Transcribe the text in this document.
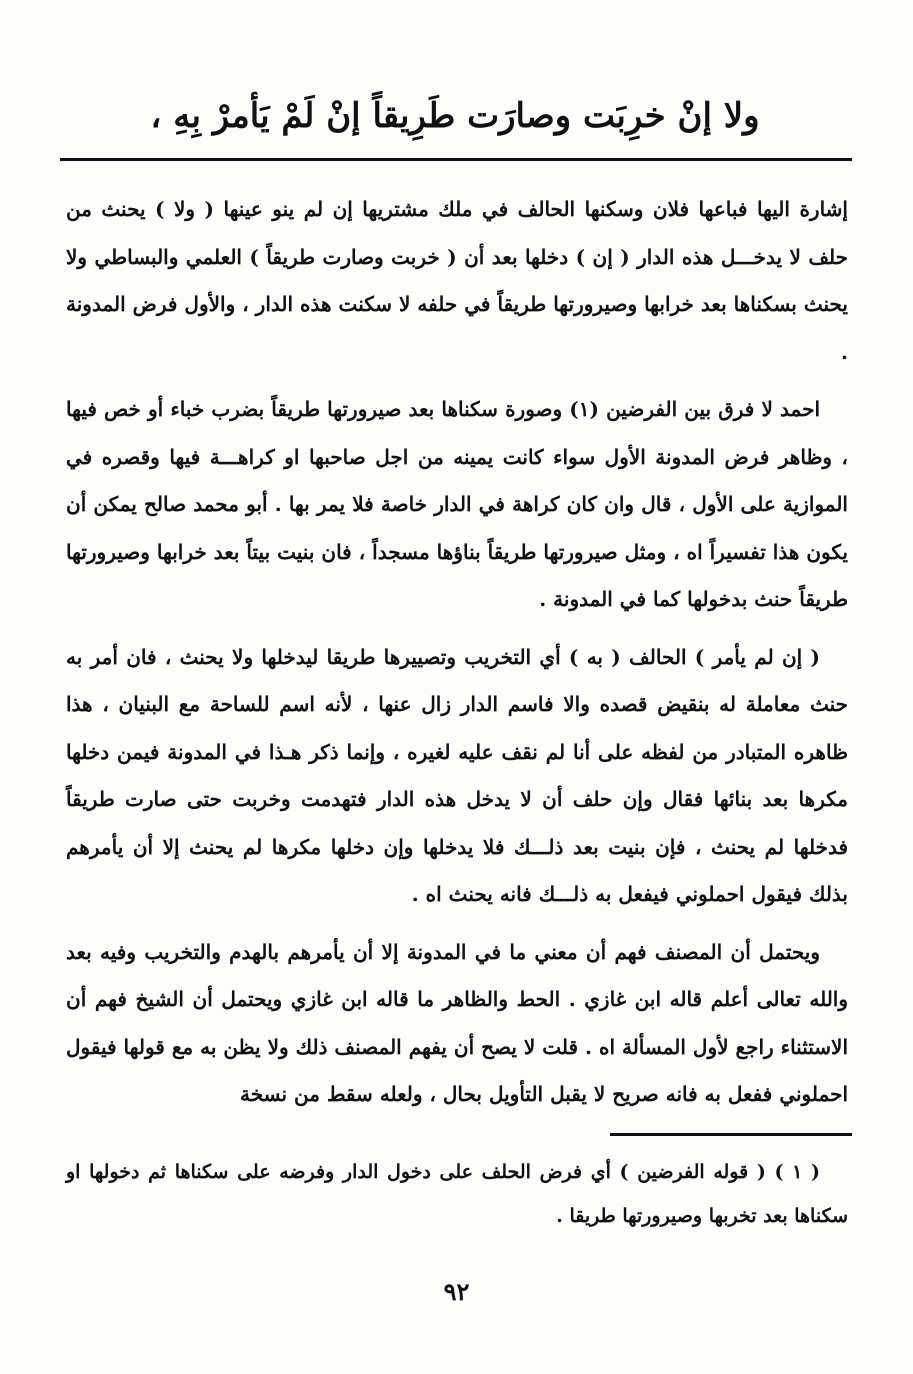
ولا إنْ خرِبَت وصارَت طَرِيقاً إنْ لَمْ يَأمرْ بِهِ ،

إشارة اليها فباعها فلان وسكنها الحالف في ملك مشتريها إن لم ينو عينها ( ولا ) يحنث من حلف لا يدخـــل هذه الدار ( إن ) دخلها بعد أن ( خربت وصارت طريقاً ) العلمي والبساطي ولا يحنث بسكناها بعد خرابها وصيرورتها طريقاً في حلفه لا سكنت هذه الدار ، والأول فرض المدونة .

احمد لا فرق بين الفرضين (١) وصورة سكناها بعد صيرورتها طريقاً بضرب خباء أو خص فيها ، وظاهر فرض المدونة الأول سواء كانت يمينه من اجل صاحبها او كراهـــة فيها وقصره في الموازية على الأول ، قال وان كان كراهة في الدار خاصة فلا يمر بها . أبو محمد صالح يمكن أن يكون هذا تفسيراً اه ، ومثل صيرورتها طريقاً بناؤها مسجداً ، فان بنيت بيتاً بعد خرابها وصيرورتها طريقاً حنث بدخولها كما في المدونة .

( إن لم يأمر ) الحالف ( به ) أي التخريب وتصييرها طريقا ليدخلها ولا يحنث ، فان أمر به حنث معاملة له بنقيض قصده والا فاسم الدار زال عنها ، لأنه اسم للساحة مع البنيان ، هذا ظاهره المتبادر من لفظه على أنا لم نقف عليه لغيره ، وإنما ذكر هـذا في المدونة فيمن دخلها مكرها بعد بنائها فقال وإن حلف أن لا يدخل هذه الدار فتهدمت وخربت حتى صارت طريقاً فدخلها لم يحنث ، فإن بنيت بعد ذلـــك فلا يدخلها وإن دخلها مكرها لم يحنث إلا أن يأمرهم بذلك فيقول احملوني فيفعل به ذلـــك فانه يحنث اه .

ويحتمل أن المصنف فهم أن معني ما في المدونة إلا أن يأمرهم بالهدم والتخريب وفيه بعد والله تعالى أعلم قاله ابن غازي . الحط والظاهر ما قاله ابن غازي ويحتمل أن الشيخ فهم أن الاستثناء راجع لأول المسألة اه . قلت لا يصح أن يفهم المصنف ذلك ولا يظن به مع قولها فيقول احملوني ففعل به فانه صريح لا يقبل التأويل بحال ، ولعله سقط من نسخة

( ١ ) ( قوله الفرضين ) أي فرض الحلف على دخول الدار وفرضه على سكناها ثم دخولها او سكناها بعد تخربها وصيرورتها طريقا .

٩٢
